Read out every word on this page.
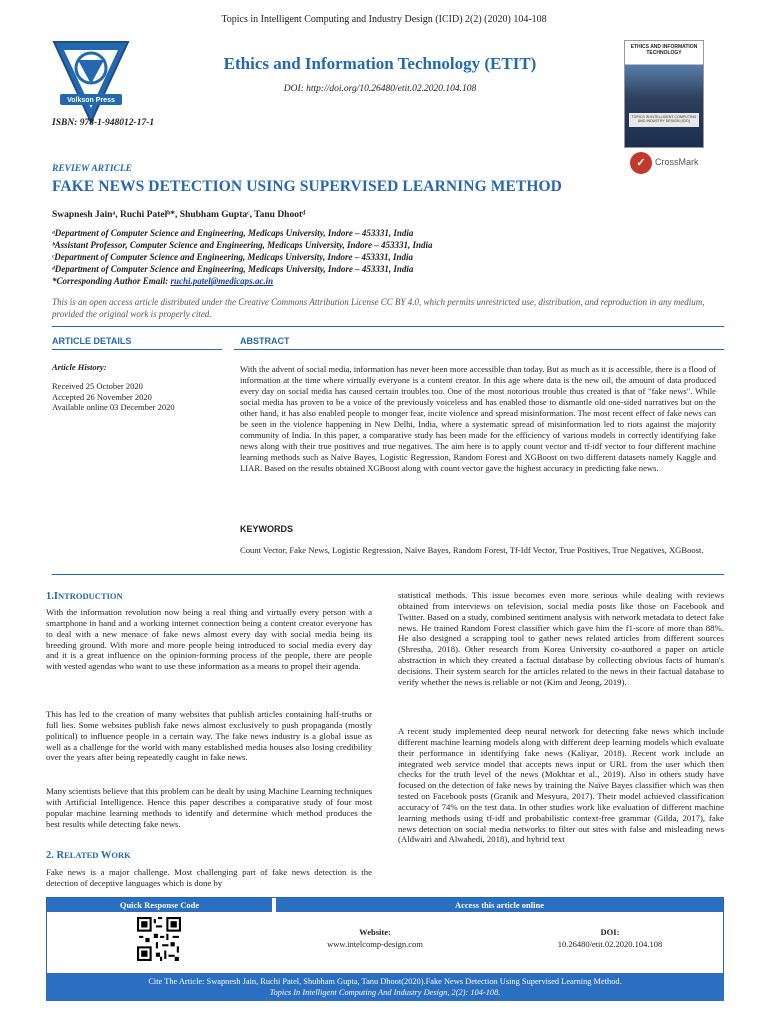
Topics in Intelligent Computing and Industry Design (ICID) 2(2) (2020) 104-108
Volkson Press
Ethics and Information Technology (ETIT)
DOI: http://doi.org/10.26480/etit.02.2020.104.108
ISBN: 978-1-948012-17-1
ETHICS AND INFORMATION TECHNOLOGY
TOPICS IN INTELLIGENT COMPUTING AND INDUSTRY DESIGN (ICID)
✓	CrossMark
REVIEW ARTICLE
FAKE NEWS DETECTION USING SUPERVISED LEARNING METHOD
Swapnesh Jainᵃ, Ruchi Patelᵇ*, Shubham Guptaᶜ, Tanu Dhootᵈ
ᵃDepartment of Computer Science and Engineering, Medicaps University, Indore – 453331, India
ᵇAssistant Professor, Computer Science and Engineering, Medicaps University, Indore – 453331, India
ᶜDepartment of Computer Science and Engineering, Medicaps University, Indore – 453331, India
ᵈDepartment of Computer Science and Engineering, Medicaps University, Indore – 453331, India
*Corresponding Author Email: ruchi.patel@medicaps.ac.in
This is an open access article distributed under the Creative Commons Attribution License CC BY 4.0, which permits unrestricted use, distribution, and reproduction in any medium, provided the original work is properly cited.
ARTICLE DETAILS	ABSTRACT
Article History:
Received 25 October 2020
Accepted 26 November 2020
Available online 03 December 2020
With the advent of social media, information has never been more accessible than today. But as much as it is accessible, there is a flood of information at the time where virtually everyone is a content creator. In this age where data is the new oil, the amount of data produced every day on social media has caused certain troubles too. One of the most notorious trouble thus created is that of "fake news". While social media has proven to be a voice of the previously voiceless and has enabled those to dismantle old one-sided narratives but on the other hand, it has also enabled people to monger fear, incite violence and spread misinformation. The most recent effect of fake news can be seen in the violence happening in New Delhi, India, where a systematic spread of misinformation led to riots against the majority community of India. In this paper, a comparative study has been made for the efficiency of various models in correctly identifying fake news along with their true positives and true negatives. The aim here is to apply count vector and tf-idf vector to four different machine learning methods such as Naïve Bayes, Logistic Regression, Random Forest and XGBoost on two different datasets namely Kaggle and LIAR. Based on the results obtained XGBoost along with count vector gave the highest accuracy in predicting fake news.
KEYWORDS
Count Vector, Fake News, Logistic Regression, Naïve Bayes, Random Forest, Tf-Idf Vector, True Positives, True Negatives, XGBoost.
1.INTRODUCTION
With the information revolution now being a real thing and virtually every person with a smartphone in hand and a working internet connection being a content creator everyone has to deal with a new menace of fake news almost every day with social media being its breeding ground. With more and more people being introduced to social media every day and it is a great influence on the opinion-forming process of the people, there are people with vested agendas who want to use these information as a means to propel their agenda.
This has led to the creation of many websites that publish articles containing half-truths or full lies. Some websites publish fake news almost exclusively to push propaganda (mostly political) to influence people in a certain way. The fake news industry is a global issue as well as a challenge for the world with many established media houses also losing credibility over the years after being repeatedly caught in fake news.
Many scientists believe that this problem can be dealt by using Machine Learning techniques with Artificial Intelligence. Hence this paper describes a comparative study of four most popular machine learning methods to identify and determine which method produces the best results while detecting fake news.
2. RELATED WORK
Fake news is a major challenge. Most challenging part of fake news detection is the detection of deceptive languages which is done by
statistical methods. This issue becomes even more serious while dealing with reviews obtained from interviews on television, social media posts like those on Facebook and Twitter. Based on a study, combined sentiment analysis with network metadata to detect fake news. He trained Random Forest classifier which gave him the f1-score of more than 88%. He also designed a scrapping tool to gather news related articles from different sources (Shrestha, 2018). Other research from Korea University co-authored a paper on article abstraction in which they created a factual database by collecting obvious facts of human's decisions. Their system search for the articles related to the news in their factual database to verify whether the news is reliable or not (Kim and Jeong, 2019).
A recent study implemented deep neural network for detecting fake news which include different machine learning models along with different deep learning models which evaluate their performance in identifying fake news (Kaliyar, 2018). Recent work include an integrated web service model that accepts news input or URL from the user which then checks for the truth level of the news (Mokhtar et al., 2019). Also in others study have focused on the detection of fake news by training the Naïve Bayes classifier which was then tested on Facebook posts (Granik and Mesyura, 2017). Their model achieved classification accuracy of 74% on the test data. In other studies work like evaluation of different machine learning methods using tf-idf and probabilistic context-free grammar (Gilda, 2017), fake news detection on social media networks to filter out sites with false and misleading news (Aldwairi and Alwahedi, 2018), and hybrid text
Quick Response Code	Access this article online
Website:
www.intelcomp-design.com
DOI:
10.26480/etit.02.2020.104.108
Cite The Article: Swapnesh Jain, Ruchi Patel, Shubham Gupta, Tanu Dhoot(2020).Fake News Detection Using Supervised Learning Method.
Topics In Intelligent Computing And Industry Design, 2(2): 104-108.
